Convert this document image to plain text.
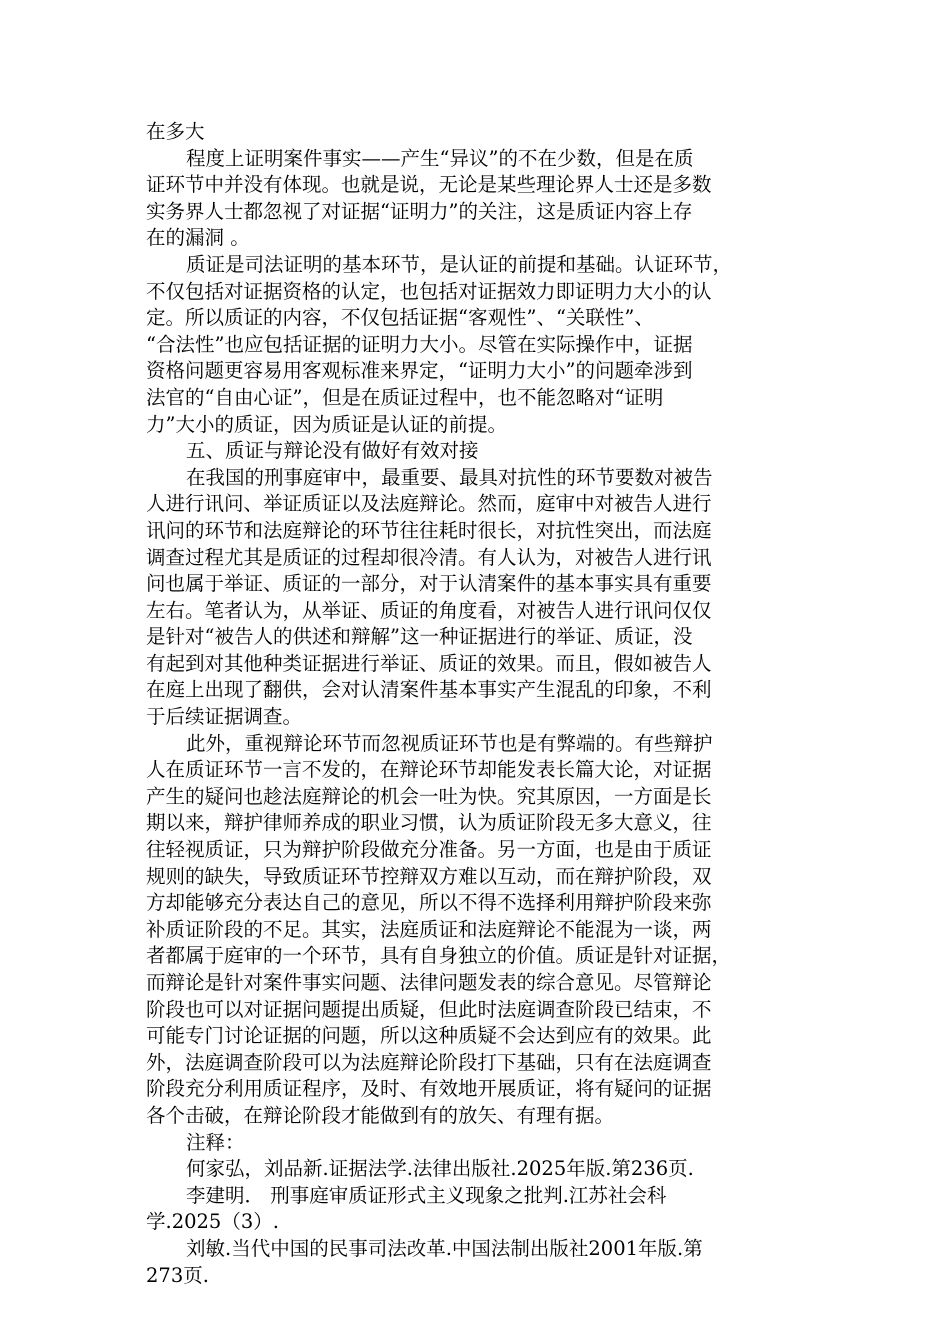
在多大
程度上证明案件事实——产生“异议”的不在少数，但是在质
证环节中并没有体现。也就是说，无论是某些理论界人士还是多数
实务界人士都忽视了对证据“证明力”的关注，这是质证内容上存
在的漏洞 。
质证是司法证明的基本环节，是认证的前提和基础。认证环节，
不仅包括对证据资格的认定，也包括对证据效力即证明力大小的认
定。所以质证的内容，不仅包括证据“客观性”、“关联性”、
“合法性”也应包括证据的证明力大小。尽管在实际操作中，证据
资格问题更容易用客观标准来界定，“证明力大小”的问题牵涉到
法官的“自由心证”，但是在质证过程中，也不能忽略对“证明
力”大小的质证，因为质证是认证的前提。
五、质证与辩论没有做好有效对接
在我国的刑事庭审中，最重要、最具对抗性的环节要数对被告
人进行讯问、举证质证以及法庭辩论。然而，庭审中对被告人进行
讯问的环节和法庭辩论的环节往往耗时很长，对抗性突出，而法庭
调查过程尤其是质证的过程却很冷清。有人认为，对被告人进行讯
问也属于举证、质证的一部分，对于认清案件的基本事实具有重要
左右。笔者认为，从举证、质证的角度看，对被告人进行讯问仅仅
是针对“被告人的供述和辩解”这一种证据进行的举证、质证，没
有起到对其他种类证据进行举证、质证的效果。而且，假如被告人
在庭上出现了翻供，会对认清案件基本事实产生混乱的印象，不利
于后续证据调查。
此外，重视辩论环节而忽视质证环节也是有弊端的。有些辩护
人在质证环节一言不发的，在辩论环节却能发表长篇大论，对证据
产生的疑问也趁法庭辩论的机会一吐为快。究其原因，一方面是长
期以来，辩护律师养成的职业习惯，认为质证阶段无多大意义，往
往轻视质证，只为辩护阶段做充分准备。另一方面，也是由于质证
规则的缺失，导致质证环节控辩双方难以互动，而在辩护阶段，双
方却能够充分表达自己的意见，所以不得不选择利用辩护阶段来弥
补质证阶段的不足。其实，法庭质证和法庭辩论不能混为一谈，两
者都属于庭审的一个环节，具有自身独立的价值。质证是针对证据，
而辩论是针对案件事实问题、法律问题发表的综合意见。尽管辩论
阶段也可以对证据问题提出质疑，但此时法庭调查阶段已结束，不
可能专门讨论证据的问题，所以这种质疑不会达到应有的效果。此
外，法庭调查阶段可以为法庭辩论阶段打下基础，只有在法庭调查
阶段充分利用质证程序，及时、有效地开展质证，将有疑问的证据
各个击破，在辩论阶段才能做到有的放矢、有理有据。
注释：
何家弘，刘品新.证据法学.法律出版社.2025年版.第236页.
李建明． 刑事庭审质证形式主义现象之批判.江苏社会科
学.2025（3）.
刘敏.当代中国的民事司法改革.中国法制出版社2001年版.第
273页.
